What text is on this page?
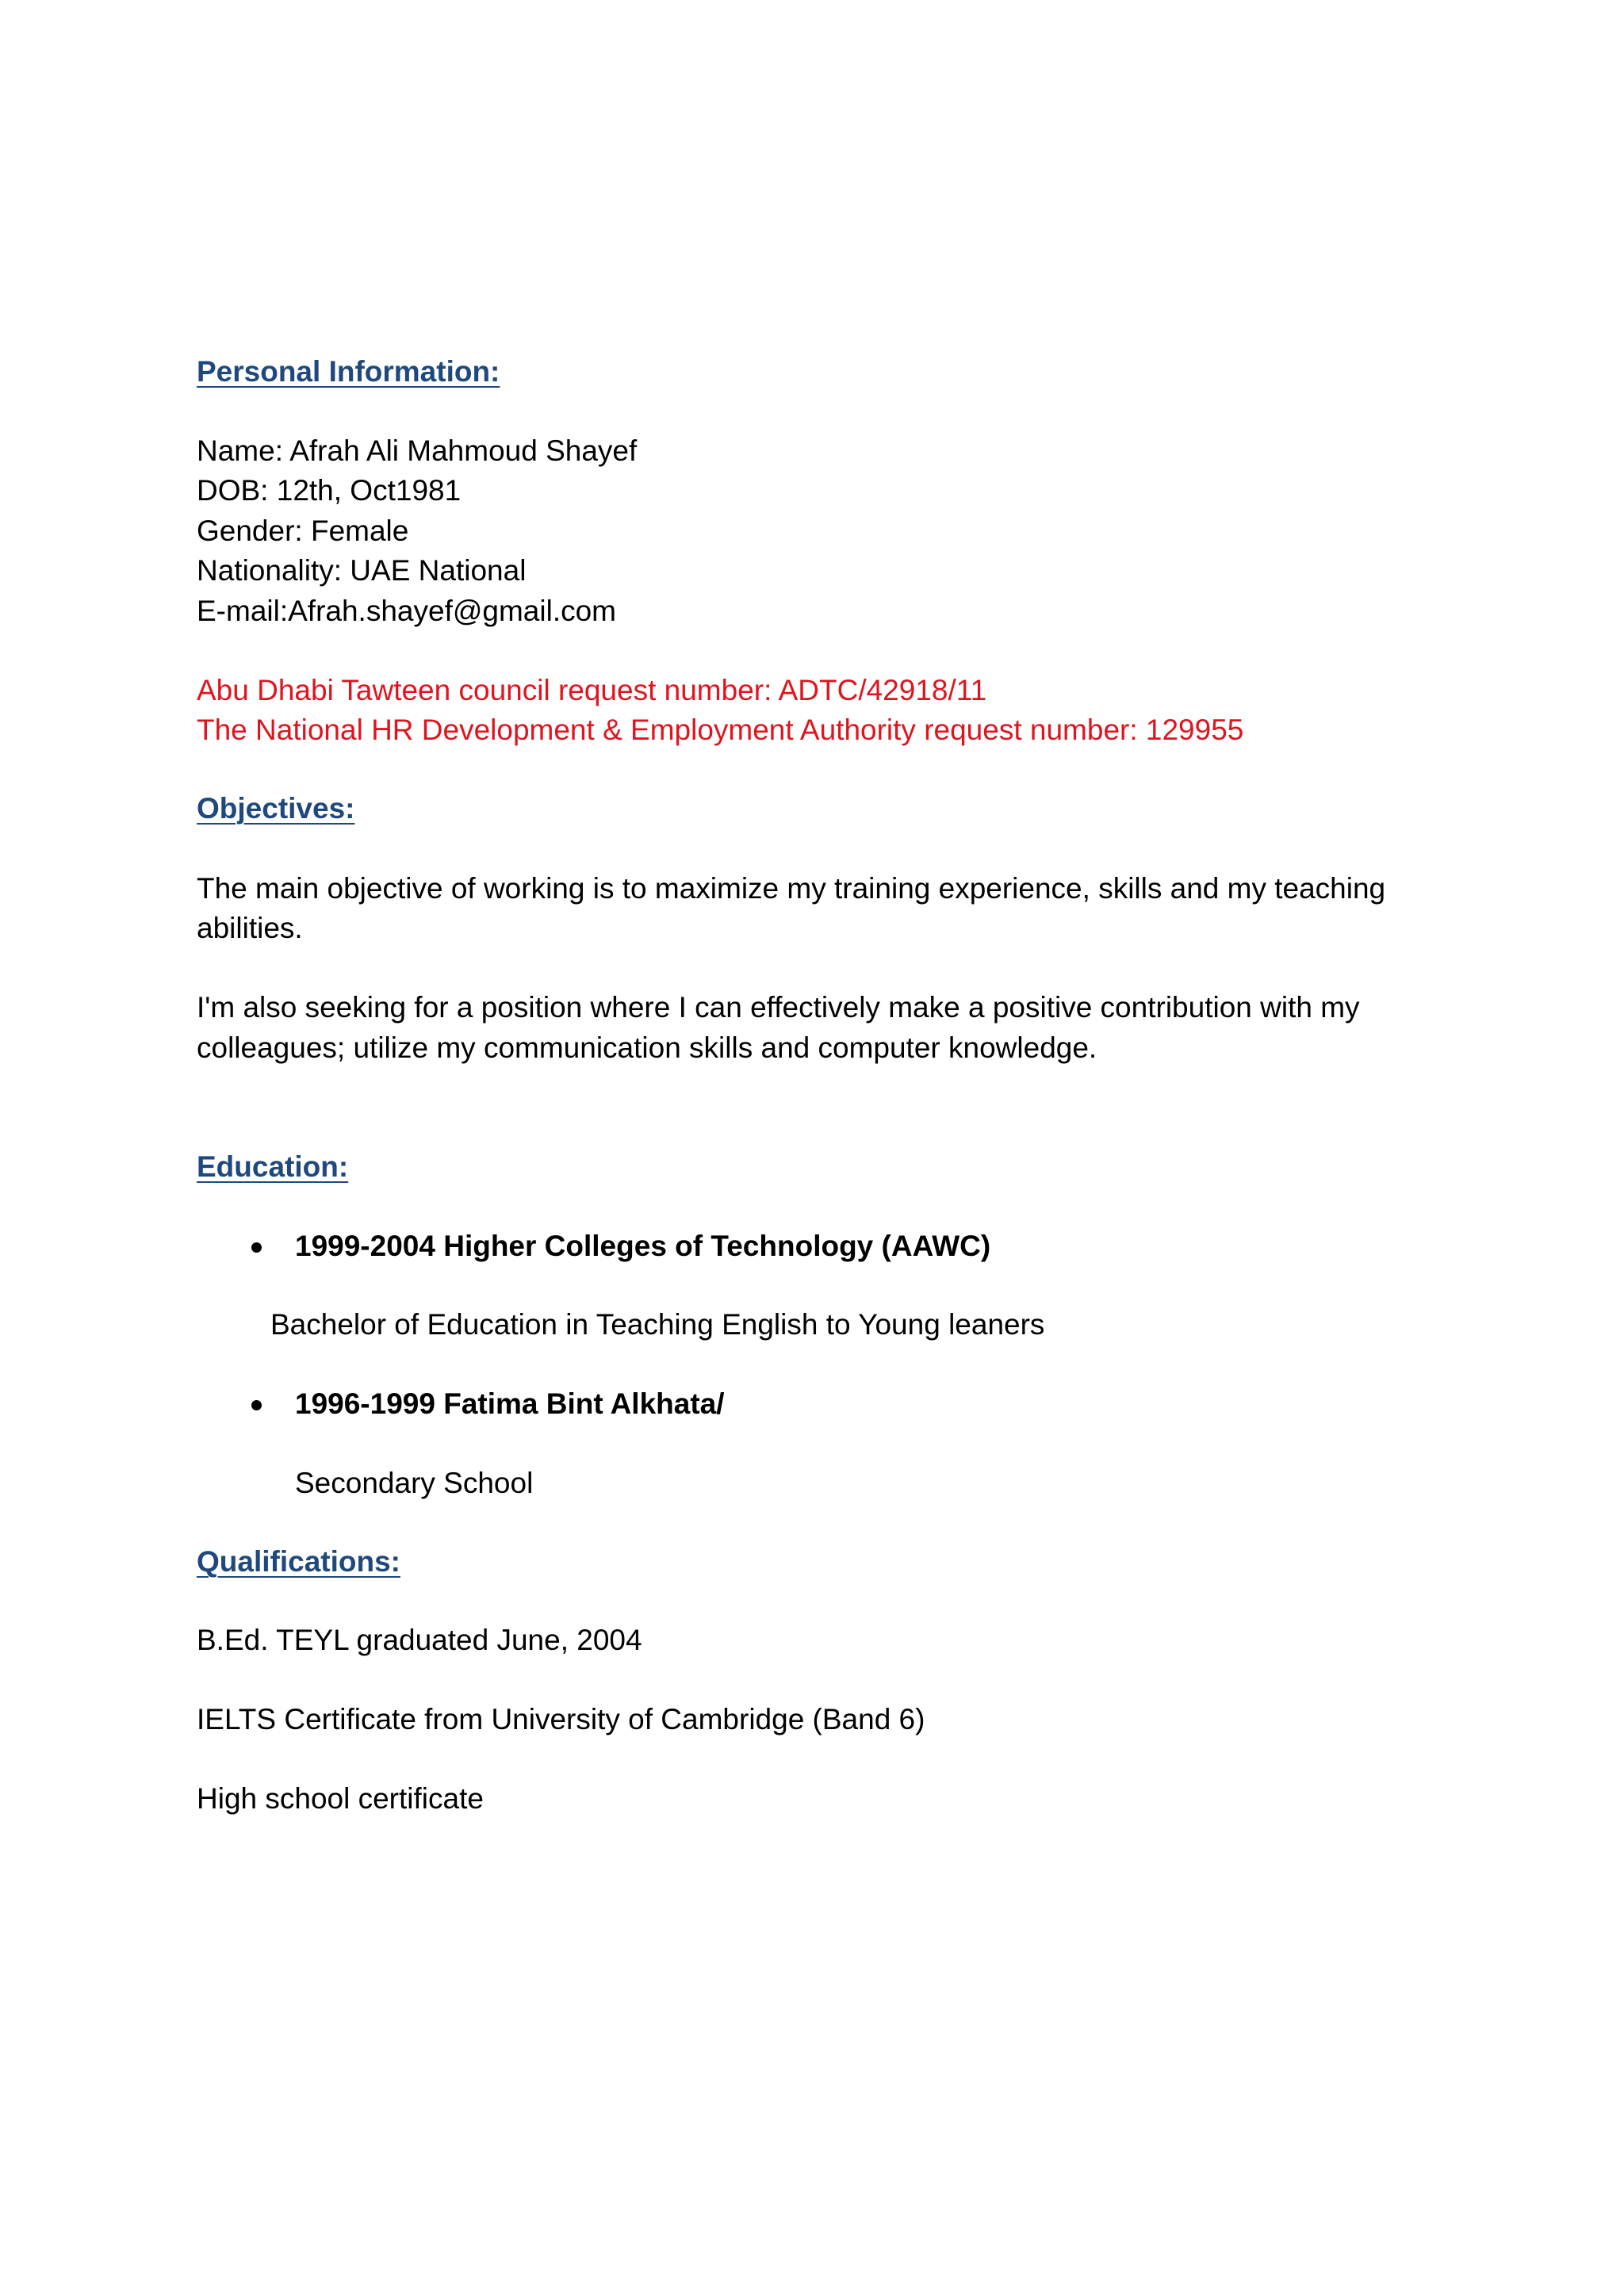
Personal Information:
Name: Afrah Ali Mahmoud Shayef
DOB: 12th, Oct1981
Gender: Female
Nationality: UAE National
E-mail:Afrah.shayef@gmail.com
Abu Dhabi Tawteen council request number: ADTC/42918/11
The National HR Development & Employment Authority request number: 129955
Objectives:
The main objective of working is to maximize my training experience, skills and my teaching
abilities.
I'm also seeking for a position where I can effectively make a positive contribution with my
colleagues; utilize my communication skills and computer knowledge.
Education:
1999-2004 Higher Colleges of Technology (AAWC)
Bachelor of Education in Teaching English to Young leaners
1996-1999 Fatima Bint Alkhata/
Secondary School
Qualifications:
B.Ed. TEYL graduated June, 2004
IELTS Certificate from University of Cambridge (Band 6)
High school certificate
